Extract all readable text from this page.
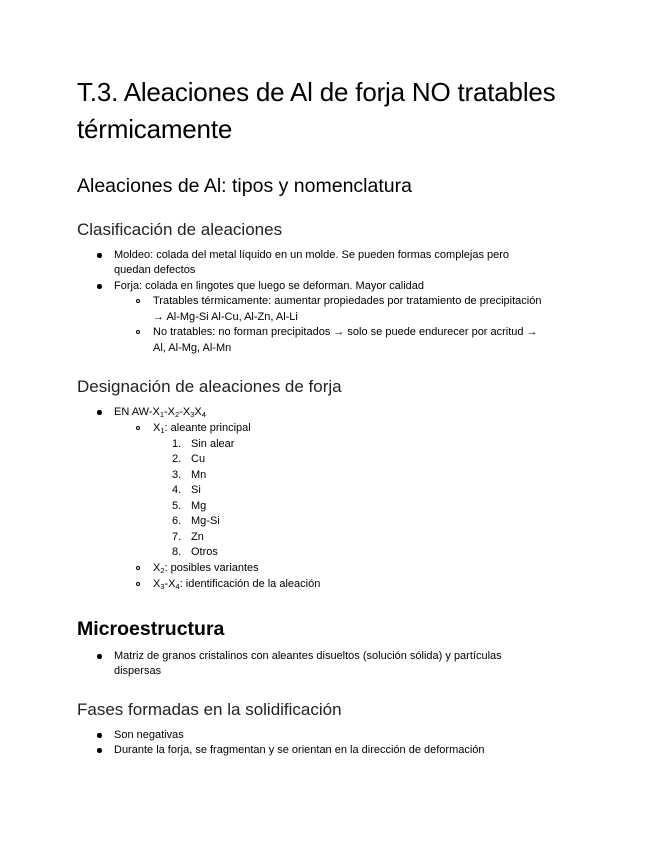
T.3. Aleaciones de Al de forja NO tratables térmicamente
Aleaciones de Al: tipos y nomenclatura
Clasificación de aleaciones
Moldeo: colada del metal líquido en un molde. Se pueden formas complejas pero
quedan defectos
Forja: colada en lingotes que luego se deforman. Mayor calidad
Tratables térmicamente: aumentar propiedades por tratamiento de precipitación
→ Al-Mg-Si Al-Cu, Al-Zn, Al-Li
No tratables: no forman precipitados → solo se puede endurecer por acritud →
Al, Al-Mg, Al-Mn
Designación de aleaciones de forja
EN $AW-X_1-X_2-X_3X_4$
$X_1$: aleante principal
1. Sin alear
2. Cu
3. Mn
4. Si
5. Mg
6. Mg-Si
7. Zn
8. Otros
$X_2$: posibles variantes
$X_3-X_4$: identificación de la aleación
Microestructura
Matriz de granos cristalinos con aleantes disueltos (solución sólida) y partículas
dispersas
Fases formadas en la solidificación
Son negativas
Durante la forja, se fragmentan y se orientan en la dirección de deformación
